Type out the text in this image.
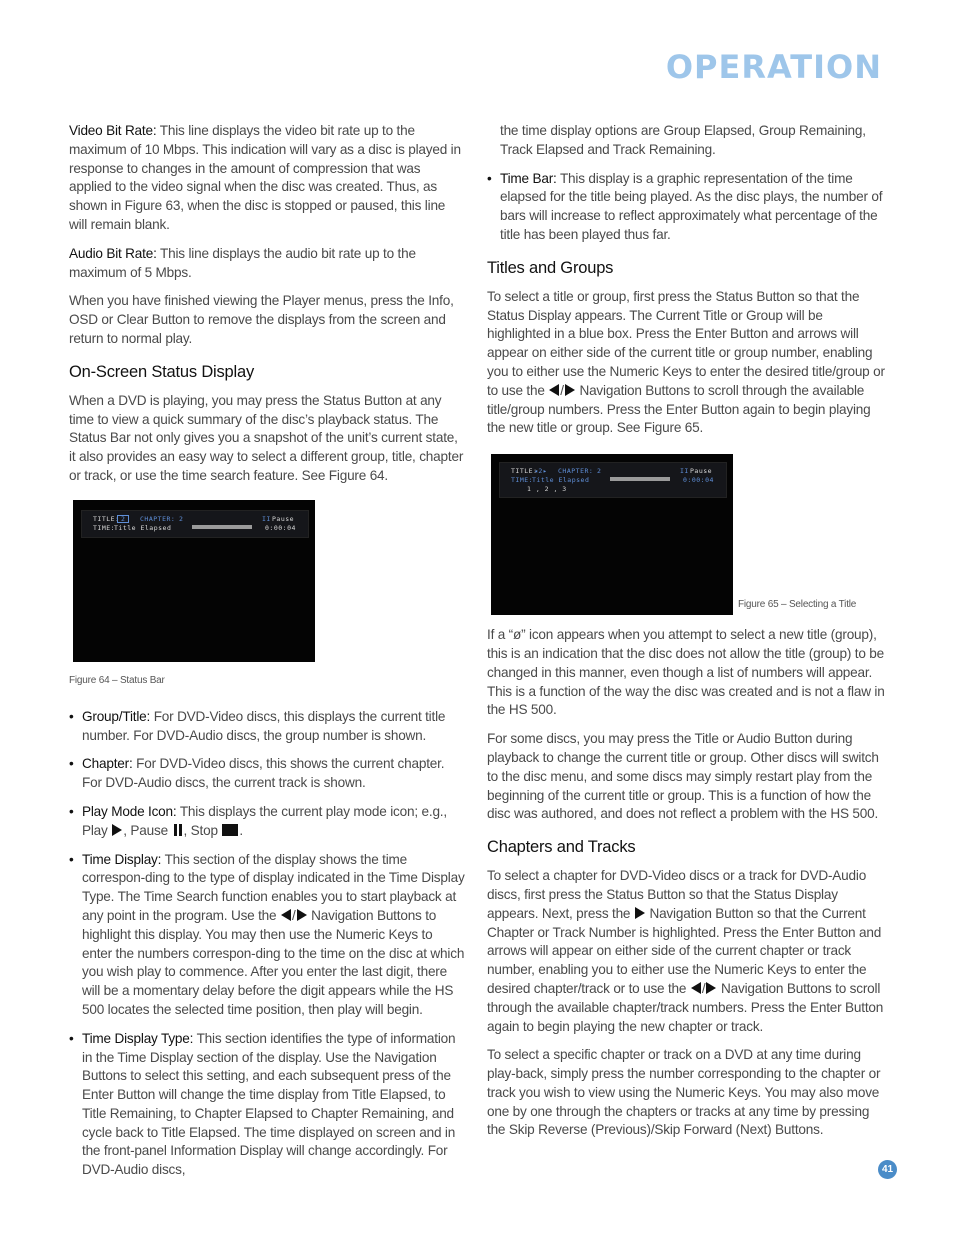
OPERATION

Video Bit Rate: This line displays the video bit rate up to the maximum of 10 Mbps. This indication will vary as a disc is played in response to changes in the amount of compression that was applied to the video signal when the disc was created. Thus, as shown in Figure 63, when the disc is stopped or paused, this line will remain blank.

Audio Bit Rate: This line displays the audio bit rate up to the maximum of 5 Mbps.

When you have finished viewing the Player menus, press the Info, OSD or Clear Button to remove the displays from the screen and return to normal play.

On-Screen Status Display

When a DVD is playing, you may press the Status Button at any time to view a quick summary of the disc’s playback status. The Status Bar not only gives you a snapshot of the unit’s current state, it also provides an easy way to select a different group, title, chapter or track, or use the time search feature. See Figure 64.

TITLE: 2	CHAPTER: 2
TIME:
Title Elapsed
II Pause
0:00:04

Figure 64 – Status Bar

• Group/Title: For DVD-Video discs, this displays the current title number. For DVD-Audio discs, the group number is shown.

• Chapter: For DVD-Video discs, this shows the current chapter. For DVD-Audio discs, the current track is shown.

• Play Mode Icon: This displays the current play mode icon; e.g., Play , Pause , Stop .

• Time Display: This section of the display shows the time correspon-ding to the type of display indicated in the Time Display Type. The Time Search function enables you to start playback at any point in the program. Use the / Navigation Buttons to highlight this display. You may then use the Numeric Keys to enter the numbers correspon-ding to the time on the disc at which you wish play to commence. After you enter the last digit, there will be a momentary delay before the digit appears while the HS 500 locates the selected time position, then play will begin.

• Time Display Type: This section identifies the type of information in the Time Display section of the display. Use the Navigation Buttons to select this setting, and each subsequent press of the Enter Button will change the time display from Title Elapsed, to Title Remaining, to Chapter Elapsed to Chapter Remaining, and cycle back to Title Elapsed. The time displayed on screen and in the front-panel Information Display will change accordingly. For DVD-Audio discs,

the time display options are Group Elapsed, Group Remaining, Track Elapsed and Track Remaining.

• Time Bar: This display is a graphic representation of the time elapsed for the title being played. As the disc plays, the number of bars will increase to reflect approximately what percentage of the title has been played thus far.

Titles and Groups

To select a title or group, first press the Status Button so that the Status Display appears. The Current Title or Group will be highlighted in a blue box. Press the Enter Button and arrows will appear on either side of the current title or group number, enabling you to either use the Numeric Keys to enter the desired title/group or to use the / Navigation Buttons to scroll through the available title/group numbers. Press the Enter Button again to begin playing the new title or group. See Figure 65.

TITLE:
◂2▸ CHAPTER: 2
TIME:
Title Elapsed
II Pause
0:00:04
1 , 2 , 3

Figure 65 – Selecting a Title

If a “ø” icon appears when you attempt to select a new title (group), this is an indication that the disc does not allow the title (group) to be changed in this manner, even though a list of numbers will appear. This is a function of the way the disc was created and is not a flaw in the HS 500.

For some discs, you may press the Title or Audio Button during playback to change the current title or group. Other discs will switch to the disc menu, and some discs may simply restart play from the beginning of the current title or group. This is a function of how the disc was authored, and does not reflect a problem with the HS 500.

Chapters and Tracks

To select a chapter for DVD-Video discs or a track for DVD-Audio discs, first press the Status Button so that the Status Display appears. Next, press the  Navigation Button so that the Current Chapter or Track Number is highlighted. Press the Enter Button and arrows will appear on either side of the current chapter or track number, enabling you to either use the Numeric Keys to enter the desired chapter/track or to use the / Navigation Buttons to scroll through the available chapter/track numbers. Press the Enter Button again to begin playing the new chapter or track.

To select a specific chapter or track on a DVD at any time during play-back, simply press the number corresponding to the chapter or track you wish to view using the Numeric Keys. You may also move one by one through the chapters or tracks at any time by pressing the Skip Reverse (Previous)/Skip Forward (Next) Buttons.

41
